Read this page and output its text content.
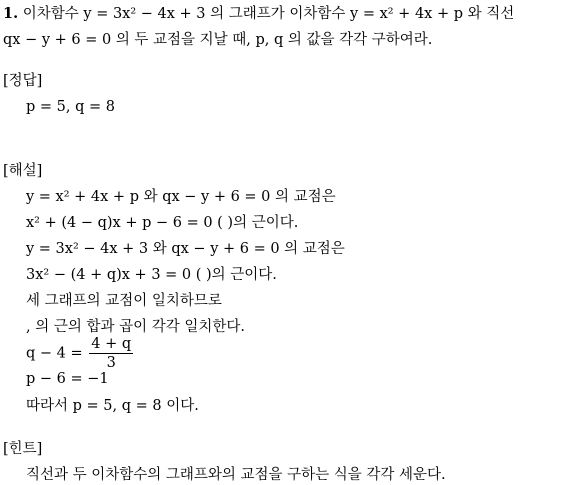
1. 이차함수 y = 3x² − 4x + 3 의 그래프가 이차함수 y = x² + 4x + p 와 직선
qx − y + 6 = 0 의 두 교점을 지날 때, p, q 의 값을 각각 구하여라.
[정답]
p = 5, q = 8
[해설]
y = x² + 4x + p 와 qx − y + 6 = 0 의 교점은
x² + (4 − q)x + p − 6 = 0 ( )의 근이다.
y = 3x² − 4x + 3 와 qx − y + 6 = 0 의 교점은
3x² − (4 + q)x + 3 = 0 ( )의 근이다.
세 그래프의 교점이 일치하므로
, 의 근의 합과 곱이 각각 일치한다.
$q - 4 = \frac{4 + q}{3}$
p − 6 = −1
따라서 p = 5, q = 8 이다.
[힌트]
직선과 두 이차함수의 그래프와의 교점을 구하는 식을 각각 세운다.
